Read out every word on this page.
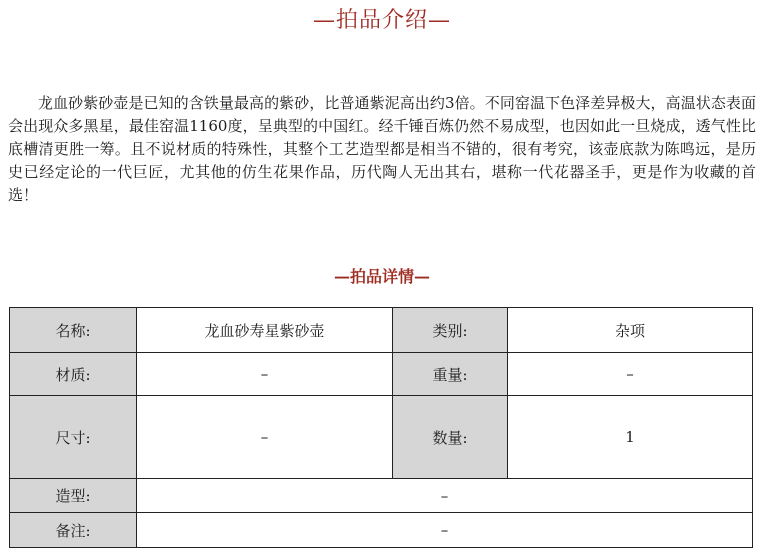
—拍品介绍—

龙血砂紫砂壶是已知的含铁量最高的紫砂，比普通紫泥高出约3倍。不同窑温下色泽差异极大，高温状态表面会出现众多黑星，最佳窑温1160度，呈典型的中国红。经千锤百炼仍然不易成型，也因如此一旦烧成，透气性比底槽清更胜一筹。且不说材质的特殊性，其整个工艺造型都是相当不错的，很有考究，该壶底款为陈鸣远，是历史已经定论的一代巨匠，尤其他的仿生花果作品，历代陶人无出其右，堪称一代花器圣手，更是作为收藏的首选！

—拍品详情—
名称:	龙血砂寿星紫砂壶	类别:	杂项
材质:	–	重量:	–
尺寸:	–	数量:	1
造型:	–		
备注:	–		
